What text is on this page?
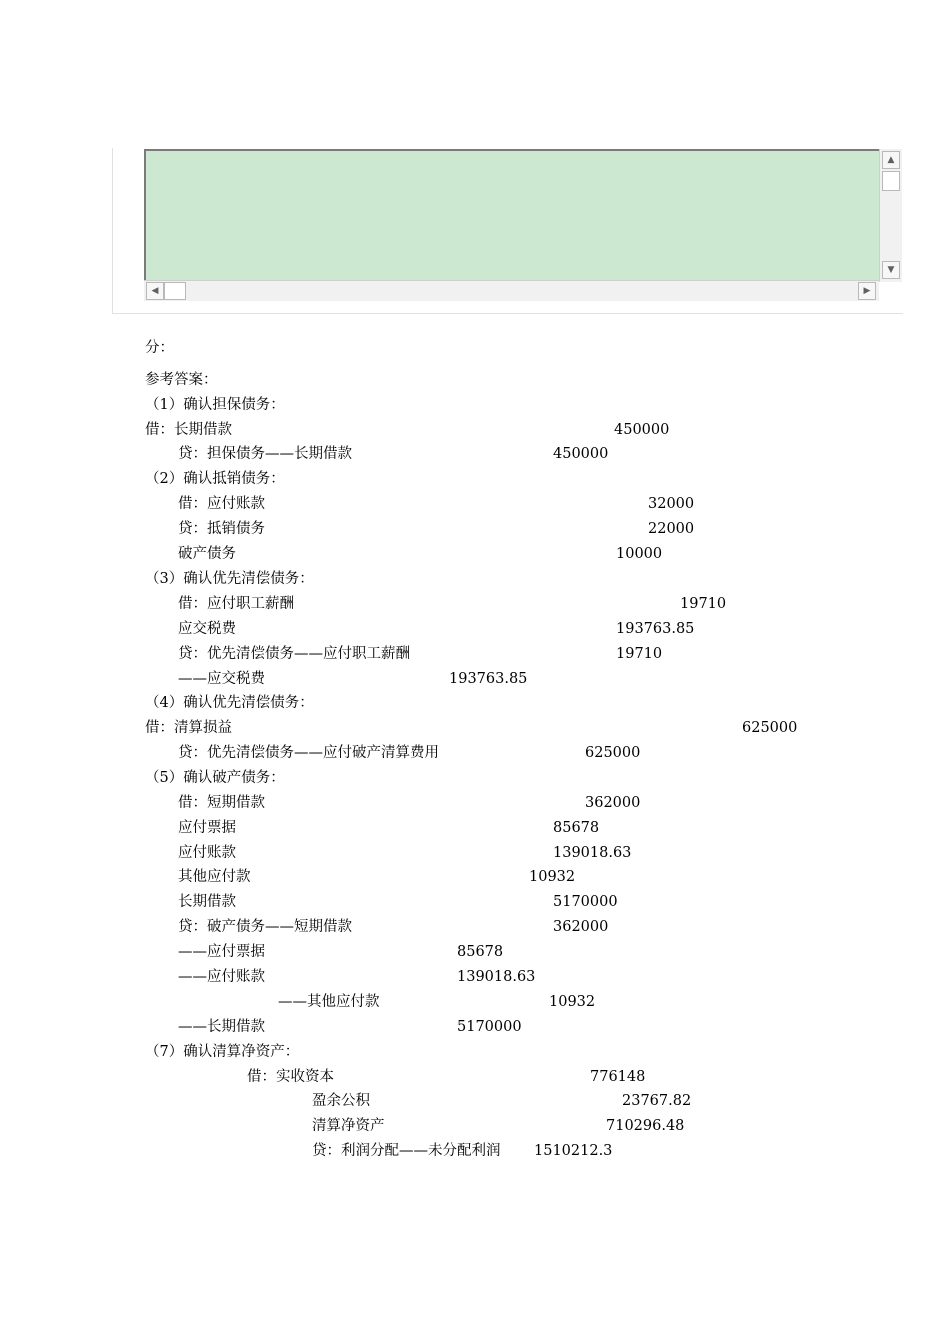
▲
▼
◀	▶
分：
参考答案：
（1）确认担保债务：
借：长期借款	450000
贷：担保债务——长期借款	450000
（2）确认抵销债务：
借：应付账款	32000
贷：抵销债务	22000
破产债务	10000
（3）确认优先清偿债务：
借：应付职工薪酬	19710
应交税费	193763.85
贷：优先清偿债务——应付职工薪酬	19710
——应交税费	193763.85
（4）确认优先清偿债务：
借：清算损益	625000
贷：优先清偿债务——应付破产清算费用	625000
（5）确认破产债务：
借：短期借款	362000
应付票据	85678
应付账款	139018.63
其他应付款	10932
长期借款	5170000
贷：破产债务——短期借款	362000
——应付票据	85678
——应付账款	139018.63
——其他应付款	10932
——长期借款	5170000
（7）确认清算净资产：
借：实收资本	776148
盈余公积	23767.82
清算净资产	710296.48
贷：利润分配——未分配利润 1510212.3
